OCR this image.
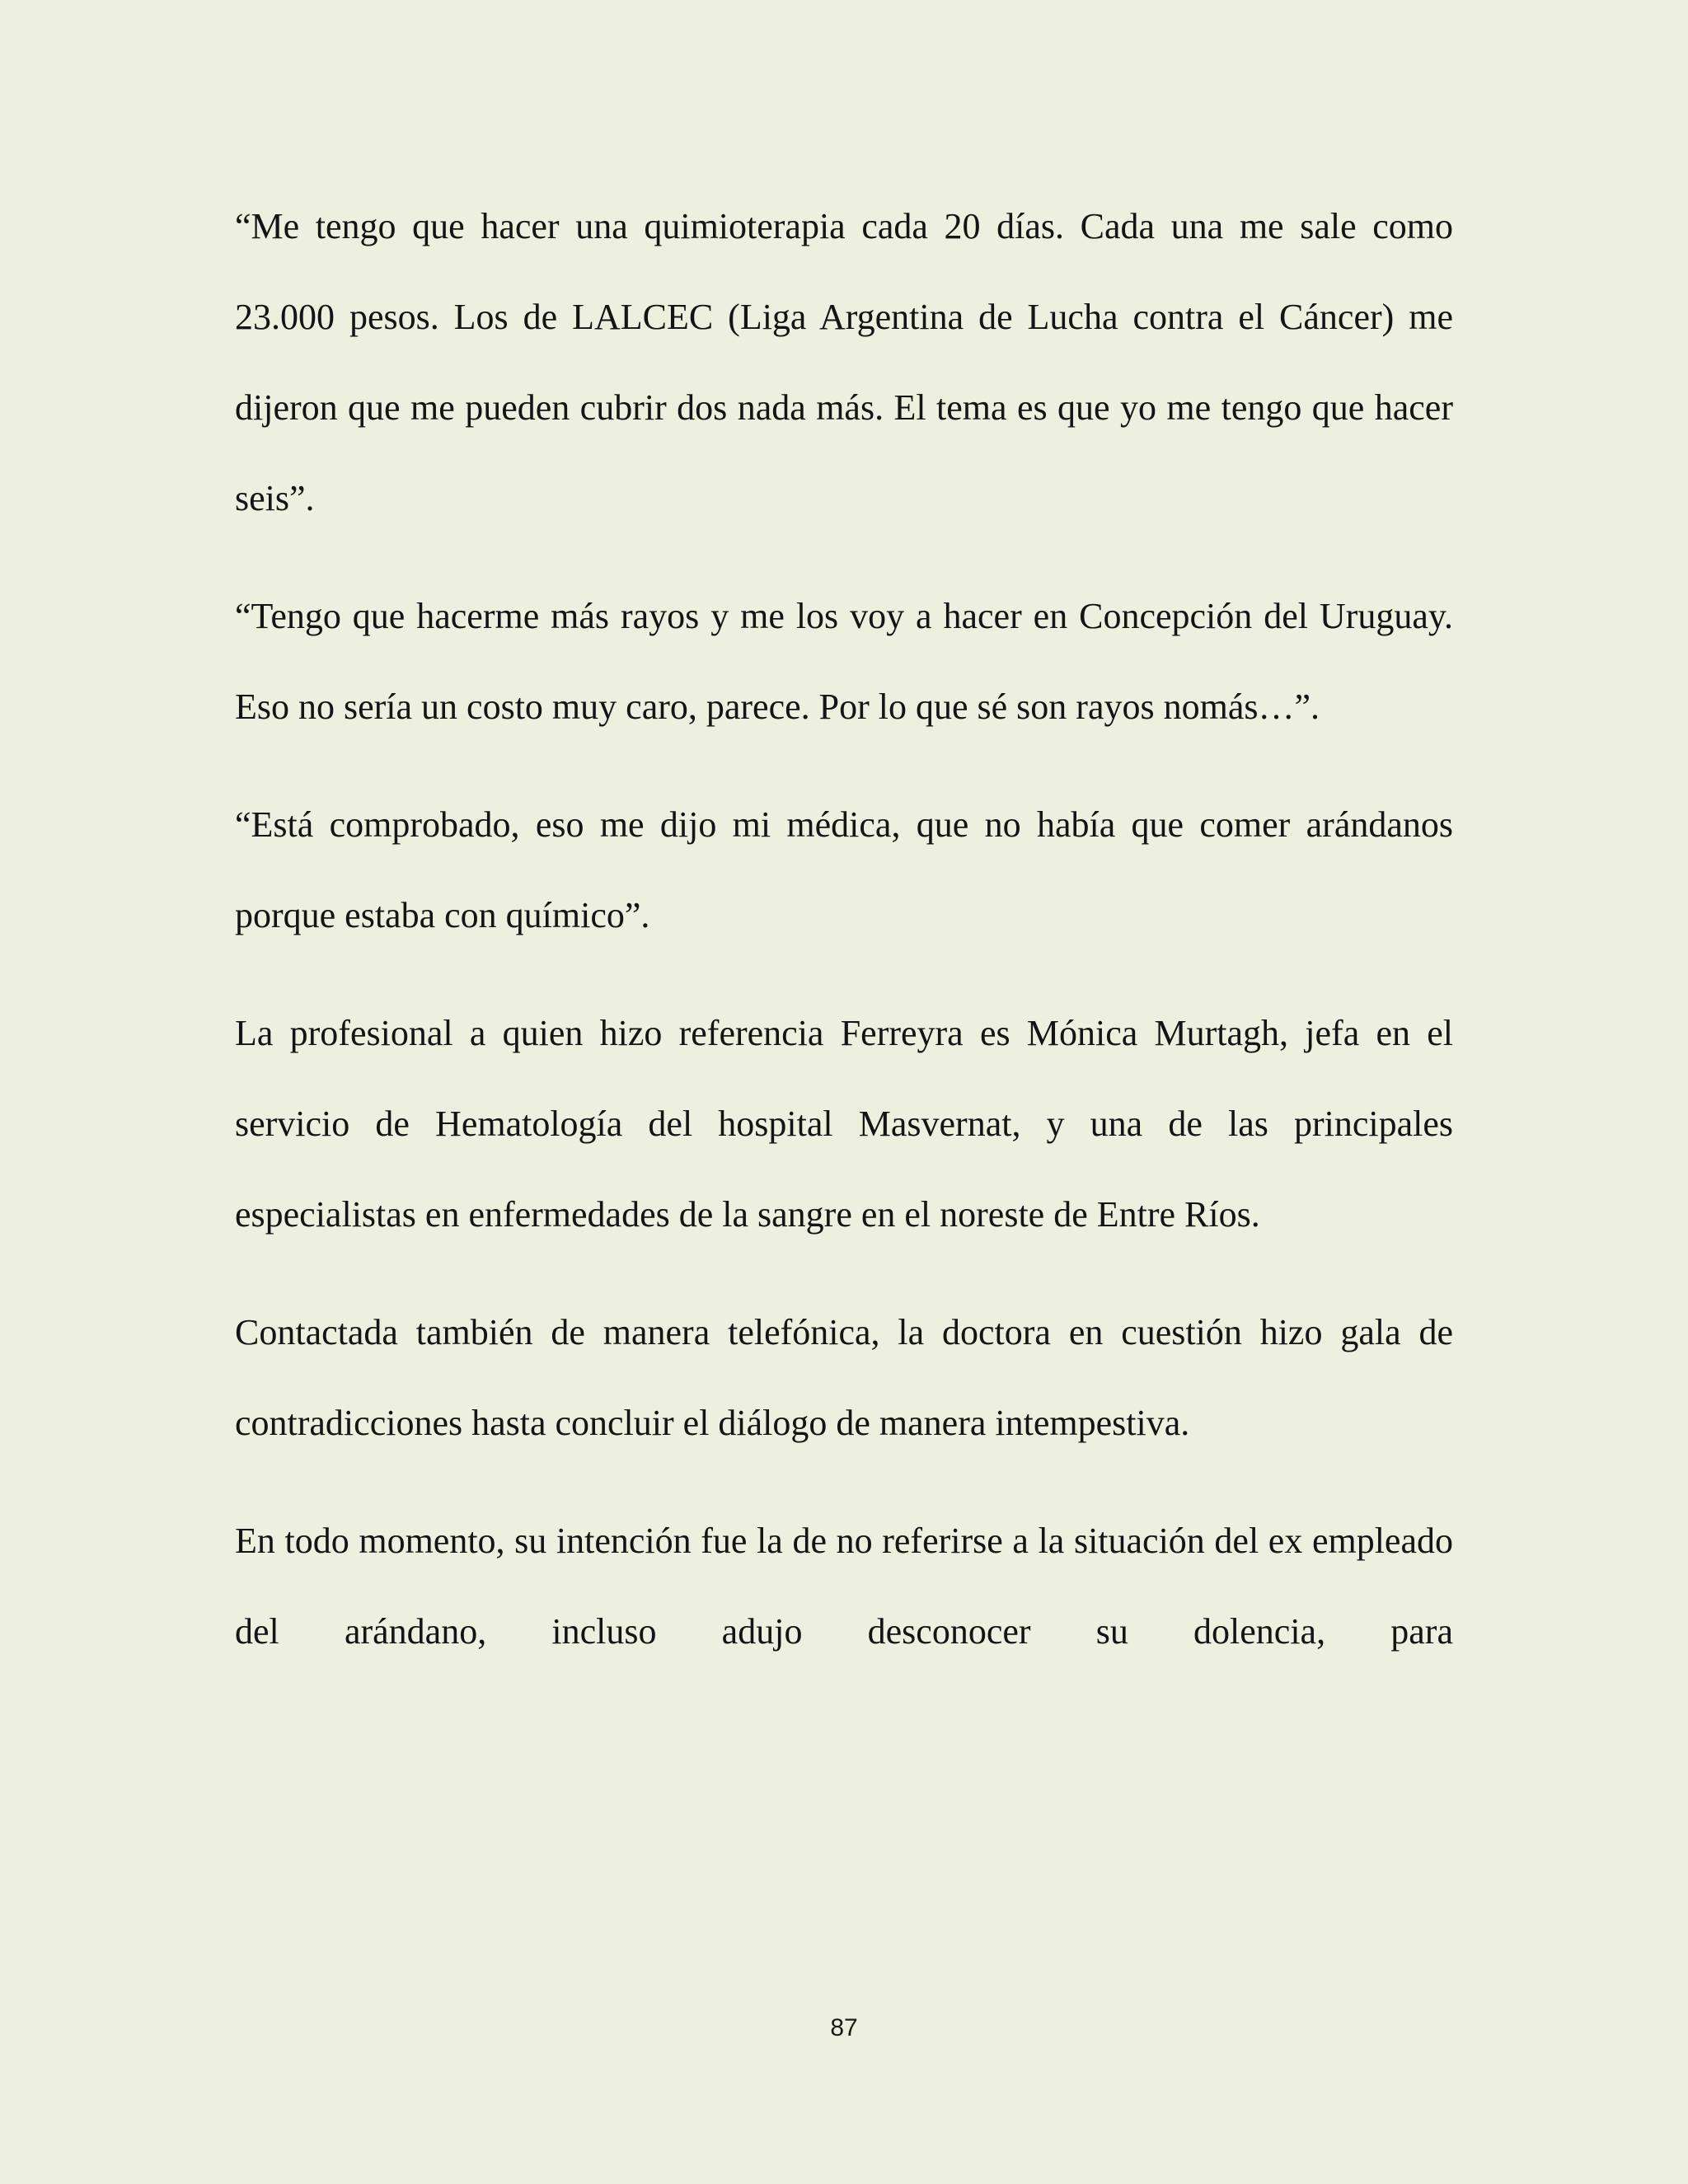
“Me tengo que hacer una quimioterapia cada 20 días. Cada una me sale como 23.000 pesos. Los de LALCEC (Liga Argentina de Lucha contra el Cáncer) me dijeron que me pueden cubrir dos nada más. El tema es que yo me tengo que hacer seis”.

“Tengo que hacerme más rayos y me los voy a hacer en Concepción del Uruguay. Eso no sería un costo muy caro, parece. Por lo que sé son rayos nomás…”.

“Está comprobado, eso me dijo mi médica, que no había que comer arándanos porque estaba con químico”.

La profesional a quien hizo referencia Ferreyra es Mónica Murtagh, jefa en el servicio de Hematología del hospital Masvernat, y una de las principales especialistas en enfermedades de la sangre en el noreste de Entre Ríos.

Contactada también de manera telefónica, la doctora en cuestión hizo gala de contradicciones hasta concluir el diálogo de manera intempestiva.

En todo momento, su intención fue la de no referirse a la situación del ex empleado del arándano, incluso adujo desconocer su dolencia, para

87
